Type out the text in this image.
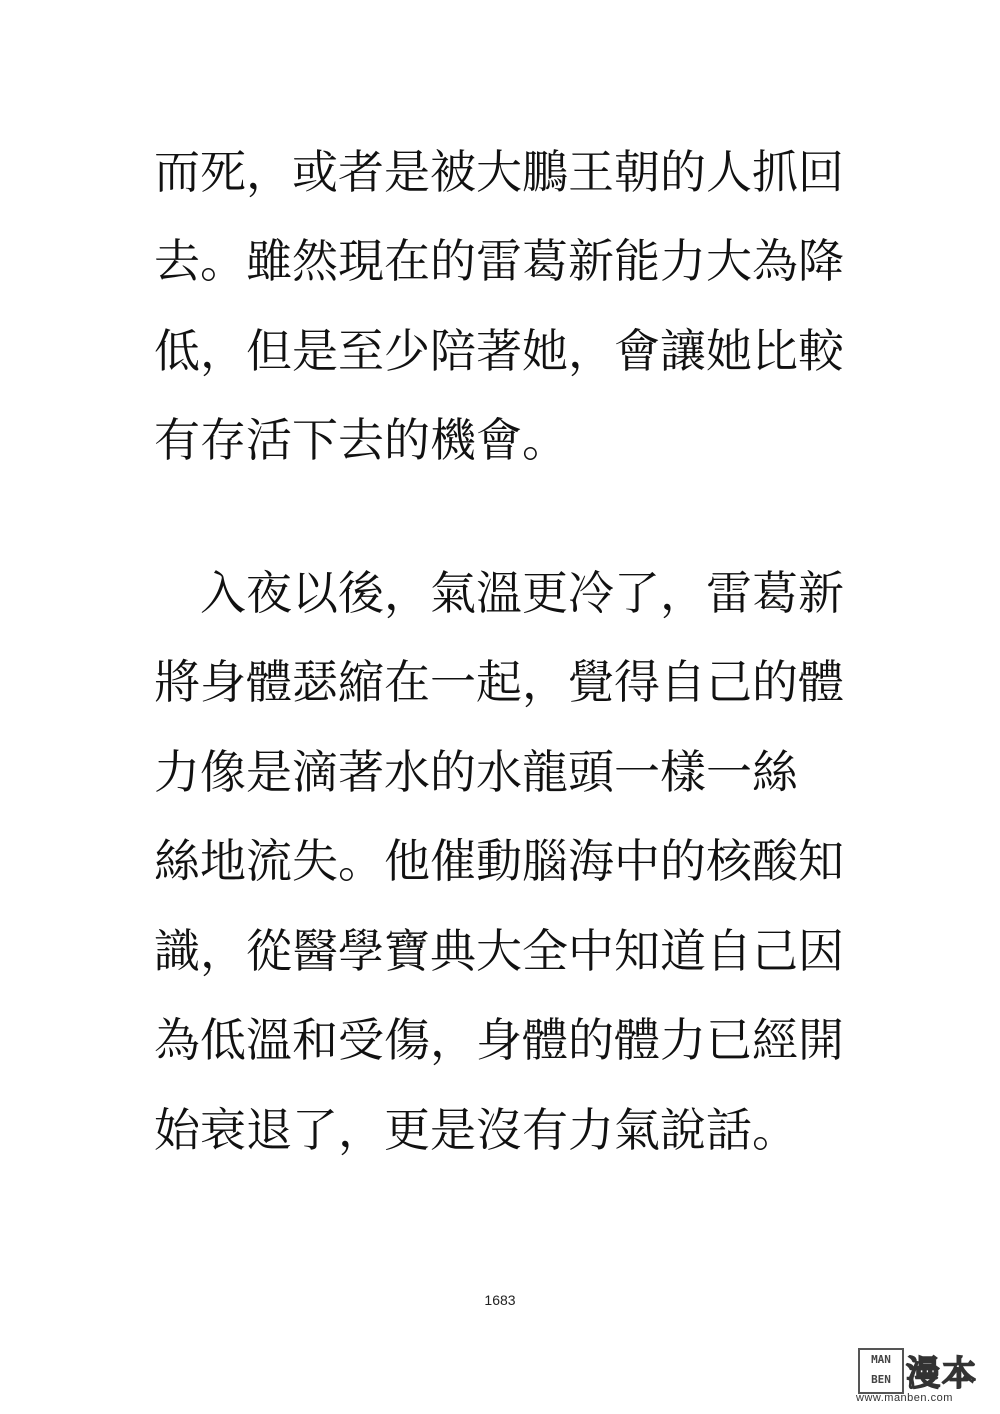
而死，或者是被大鵬王朝的人抓回
去。雖然現在的雷葛新能力大為降
低，但是至少陪著她，會讓她比較
有存活下去的機會。
　入夜以後，氣溫更冷了，雷葛新
將身體瑟縮在一起，覺得自己的體
力像是滴著水的水龍頭一樣一絲
絲地流失。他催動腦海中的核酸知
識，從醫學寶典大全中知道自己因
為低溫和受傷，身體的體力已經開
始衰退了，更是沒有力氣說話。
1683
MAN
BEN 漫本
www.manben.com
